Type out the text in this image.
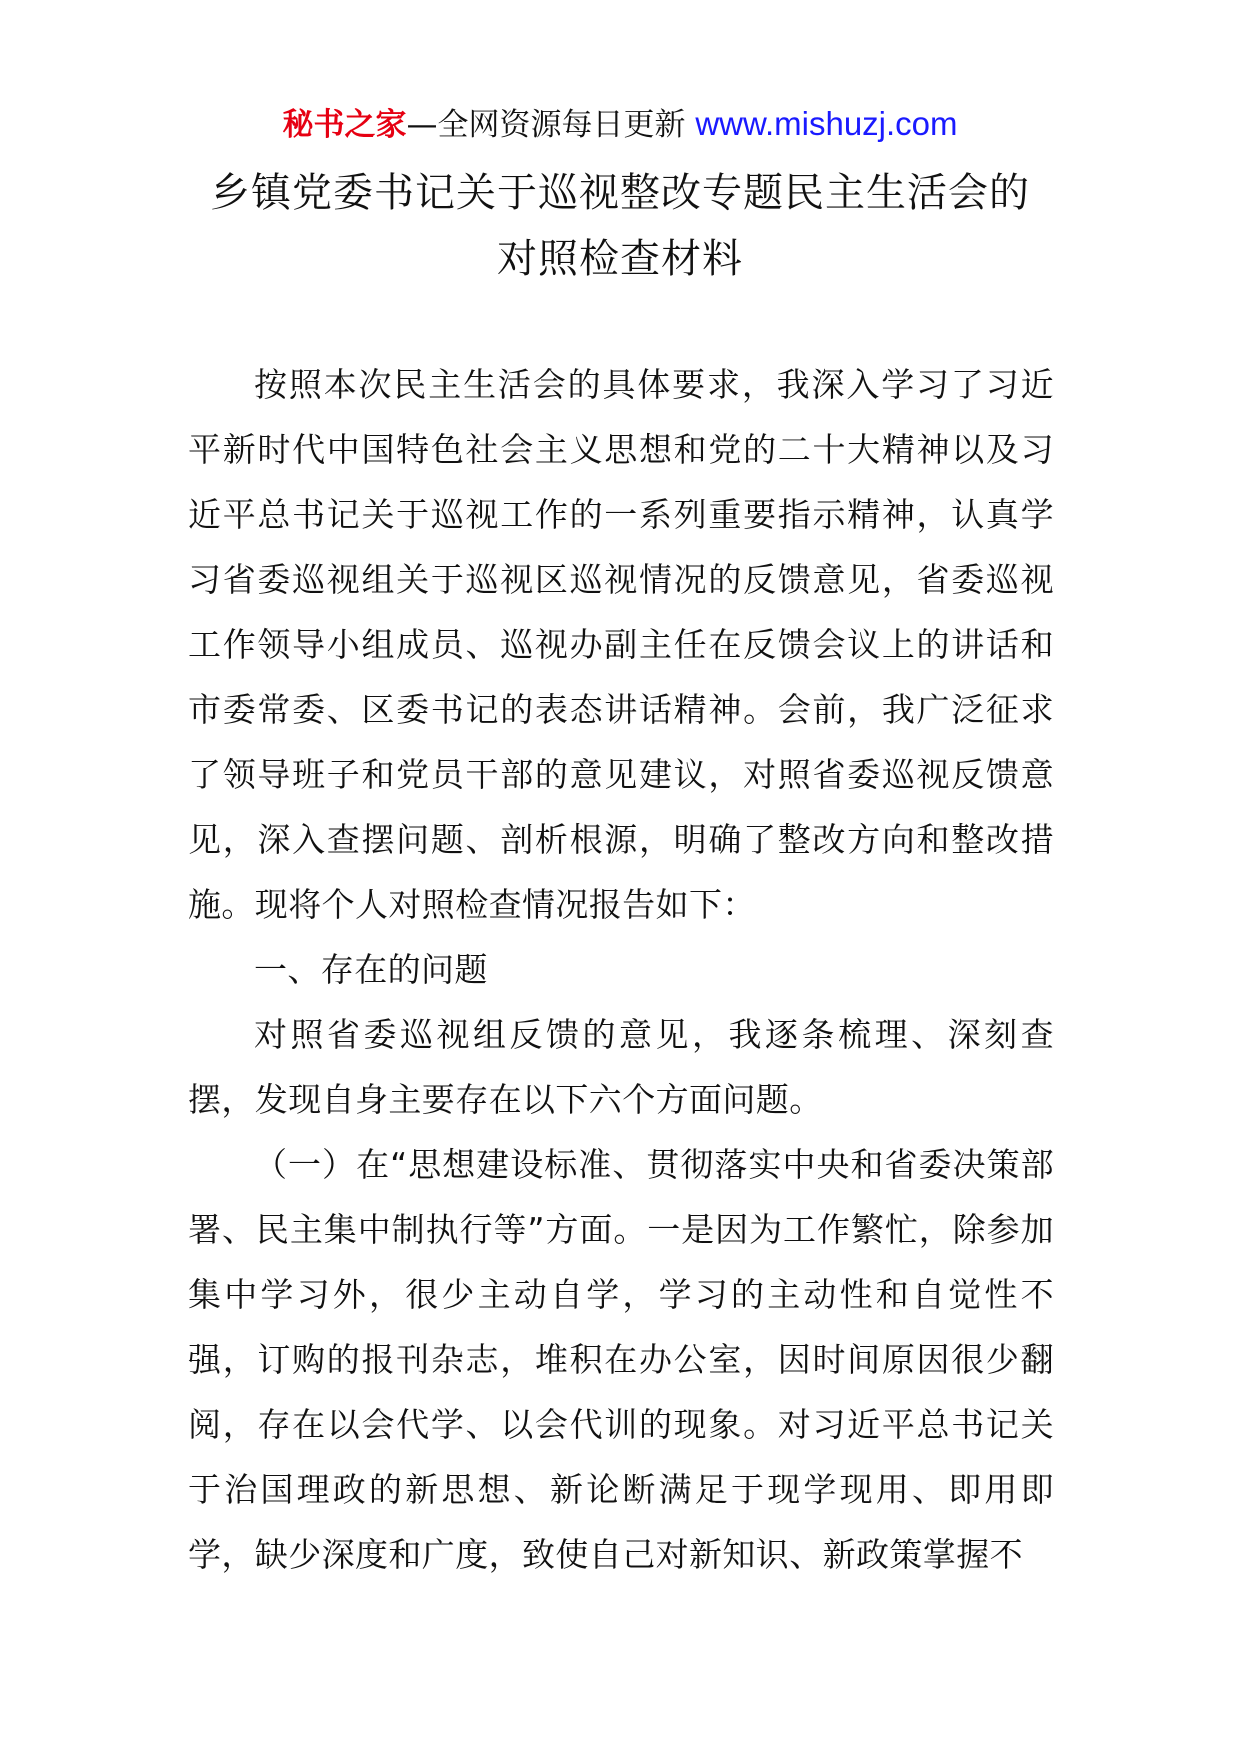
秘书之家—全网资源每日更新 www.mishuzj.com
乡镇党委书记关于巡视整改专题民主生活会的
对照检查材料

按照本次民主生活会的具体要求，我深入学习了习近平新时代中国特色社会主义思想和党的二十大精神以及习近平总书记关于巡视工作的一系列重要指示精神，认真学习省委巡视组关于巡视区巡视情况的反馈意见，省委巡视工作领导小组成员、巡视办副主任在反馈会议上的讲话和市委常委、区委书记的表态讲话精神。会前，我广泛征求了领导班子和党员干部的意见建议，对照省委巡视反馈意见，深入查摆问题、剖析根源，明确了整改方向和整改措施。现将个人对照检查情况报告如下：

一、存在的问题

对照省委巡视组反馈的意见，我逐条梳理、深刻查摆，发现自身主要存在以下六个方面问题。

（一）在“思想建设标准、贯彻落实中央和省委决策部署、民主集中制执行等”方面。一是因为工作繁忙，除参加集中学习外，很少主动自学，学习的主动性和自觉性不强，订购的报刊杂志，堆积在办公室，因时间原因很少翻阅，存在以会代学、以会代训的现象。对习近平总书记关于治国理政的新思想、新论断满足于现学现用、即用即学，缺少深度和广度，致使自己对新知识、新政策掌握不
